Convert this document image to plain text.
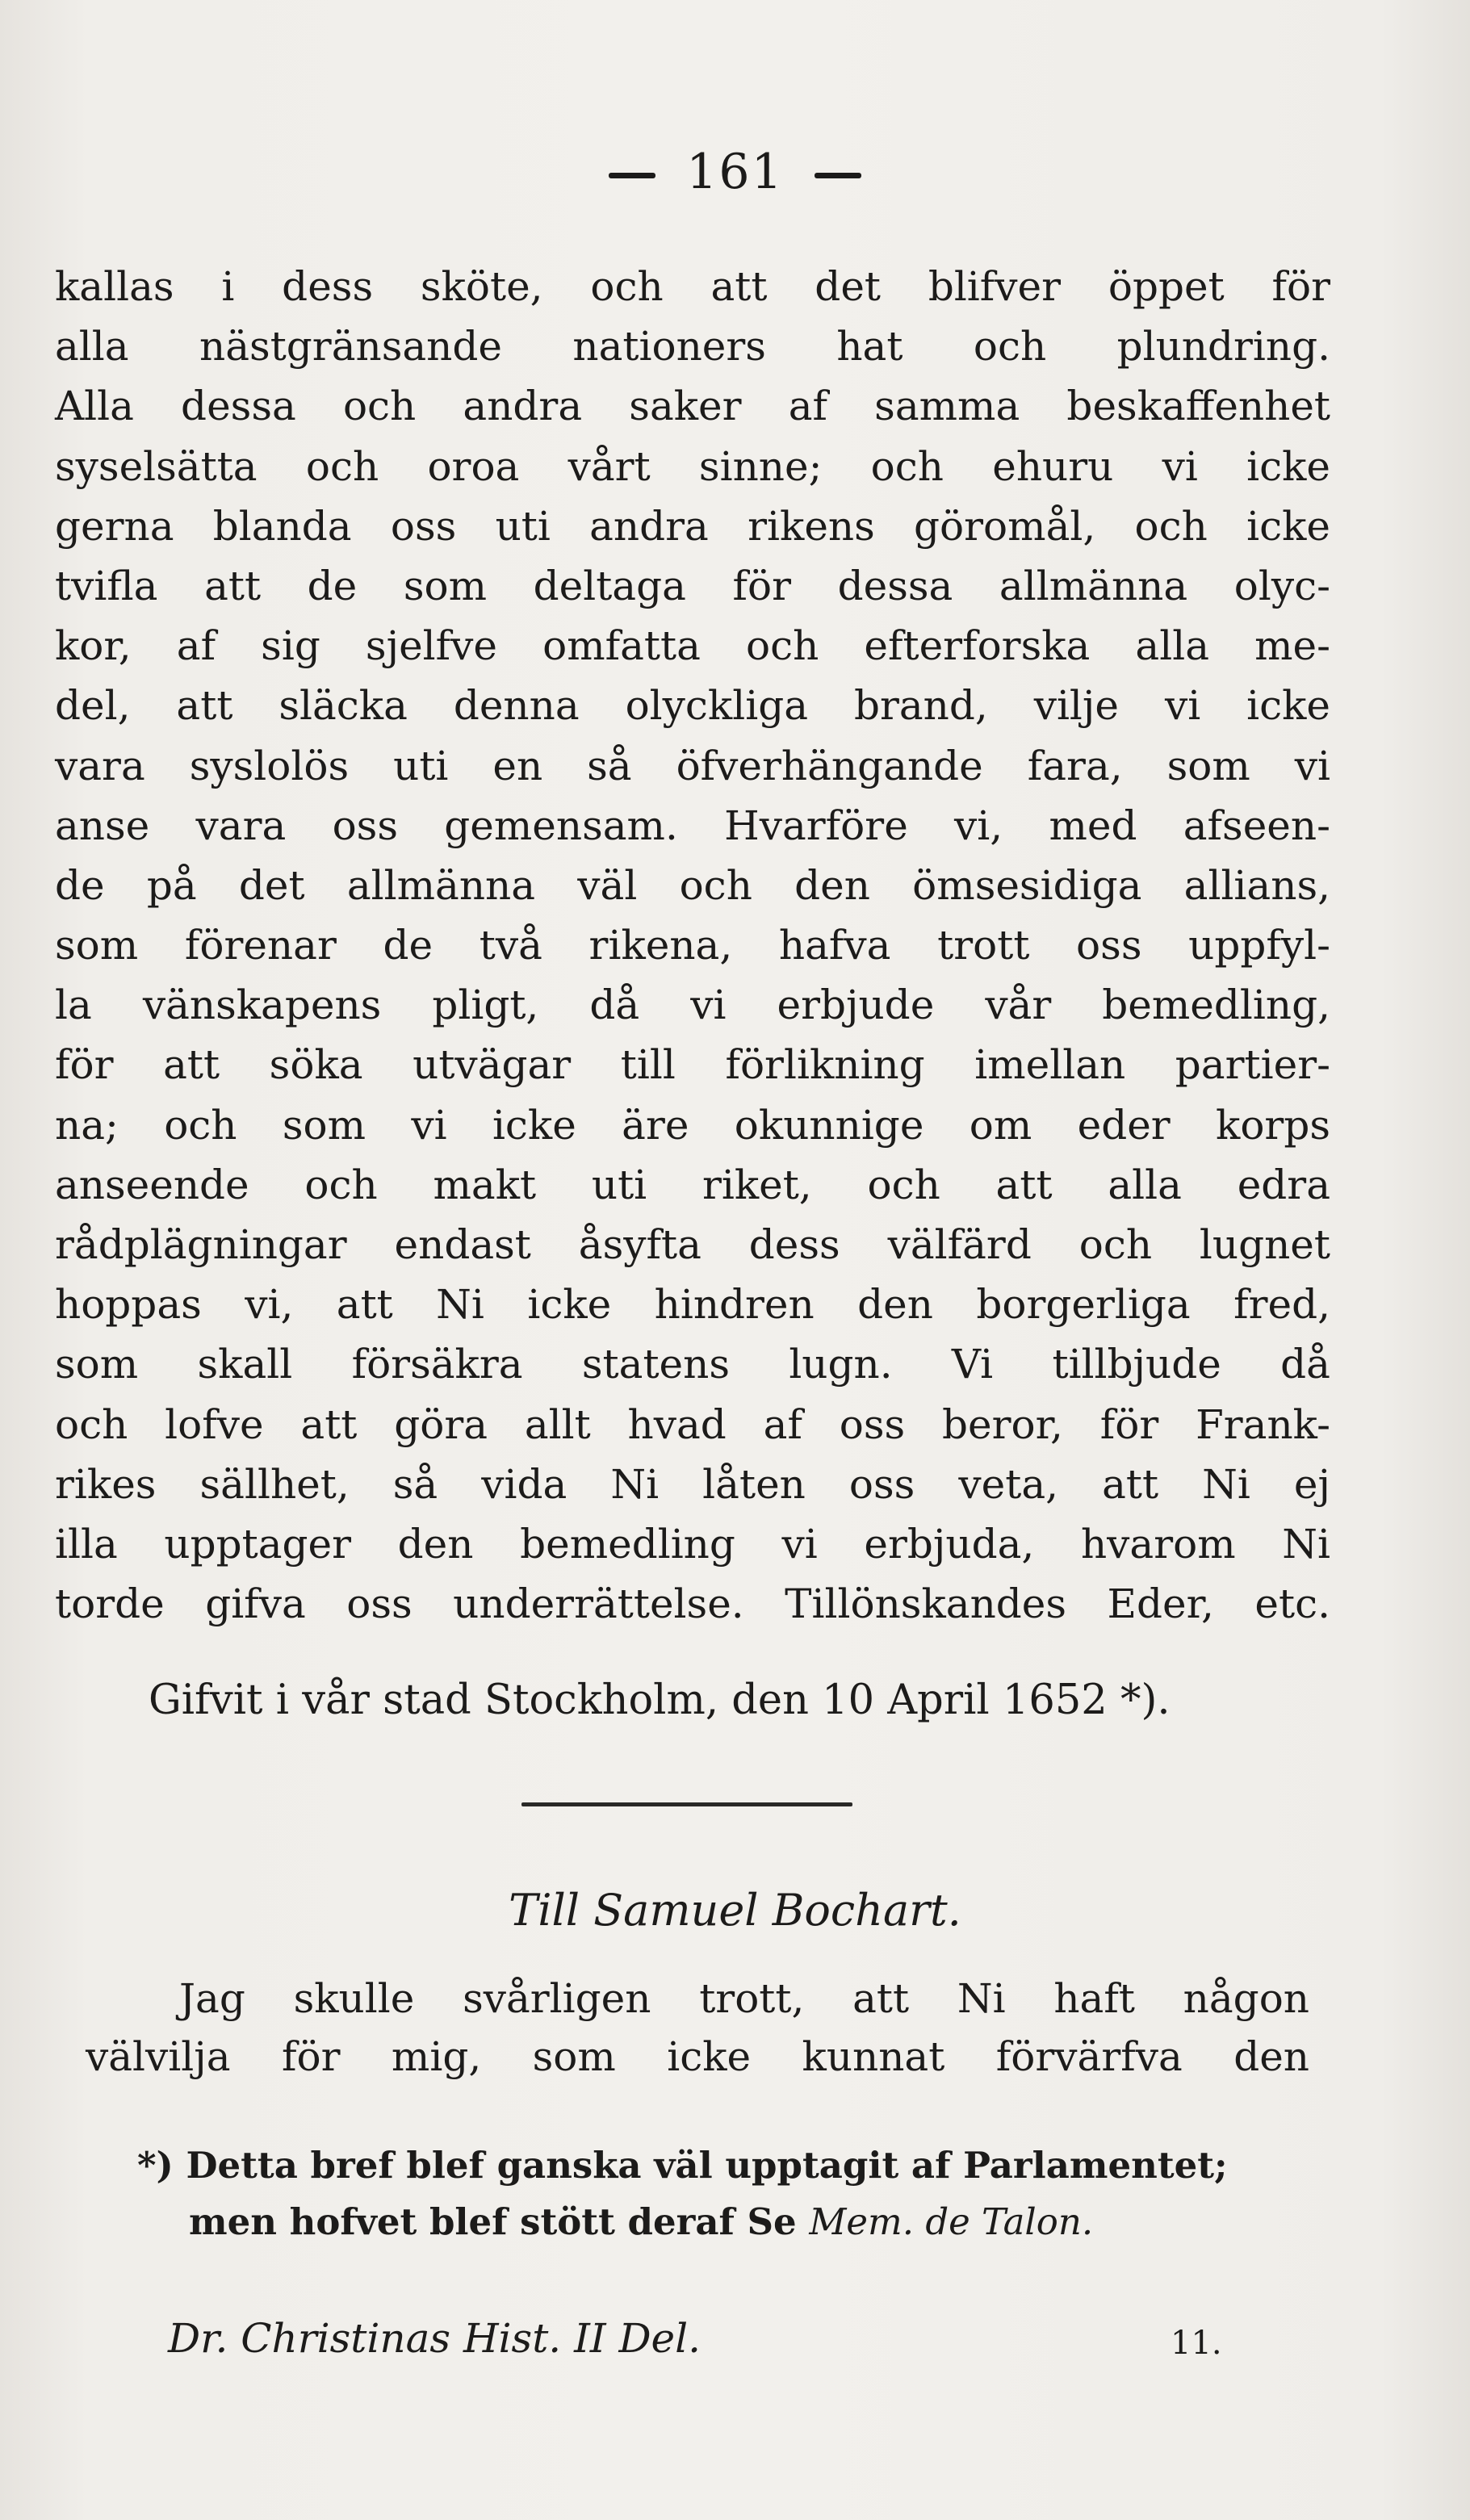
161
kallas i dess sköte, och att det blifver öppet för
alla nästgränsande nationers hat och plundring.
Alla dessa och andra saker af samma beskaffenhet
syselsätta och oroa vårt sinne; och ehuru vi icke
gerna blanda oss uti andra rikens göromål, och icke
tvifla att de som deltaga för dessa allmänna olyc-
kor, af sig sjelfve omfatta och efterforska alla me-
del, att släcka denna olyckliga brand, vilje vi icke
vara syslolös uti en så öfverhängande fara, som vi
anse vara oss gemensam. Hvarföre vi, med afseen-
de på det allmänna väl och den ömsesidiga allians,
som förenar de två rikena, hafva trott oss uppfyl-
la vänskapens pligt, då vi erbjude vår bemedling,
för att söka utvägar till förlikning imellan partier-
na; och som vi icke äre okunnige om eder korps
anseende och makt uti riket, och att alla edra
rådplägningar endast åsyfta dess välfärd och lugnet
hoppas vi, att Ni icke hindren den borgerliga fred,
som skall försäkra statens lugn. Vi tillbjude då
och lofve att göra allt hvad af oss beror, för Frank-
rikes sällhet, så vida Ni låten oss veta, att Ni ej
illa upptager den bemedling vi erbjuda, hvarom Ni
torde gifva oss underrättelse. Tillönskandes Eder, etc.
Gifvit i vår stad Stockholm, den 10 April 1652 *).
Till Samuel Bochart.
Jag skulle svårligen trott, att Ni haft någon
välvilja för mig, som icke kunnat förvärfva den
*) Detta bref blef ganska väl upptagit af Parlamentet;
men hofvet blef stött deraf Se Mem. de Talon.
Dr. Christinas Hist. II Del.	11.
